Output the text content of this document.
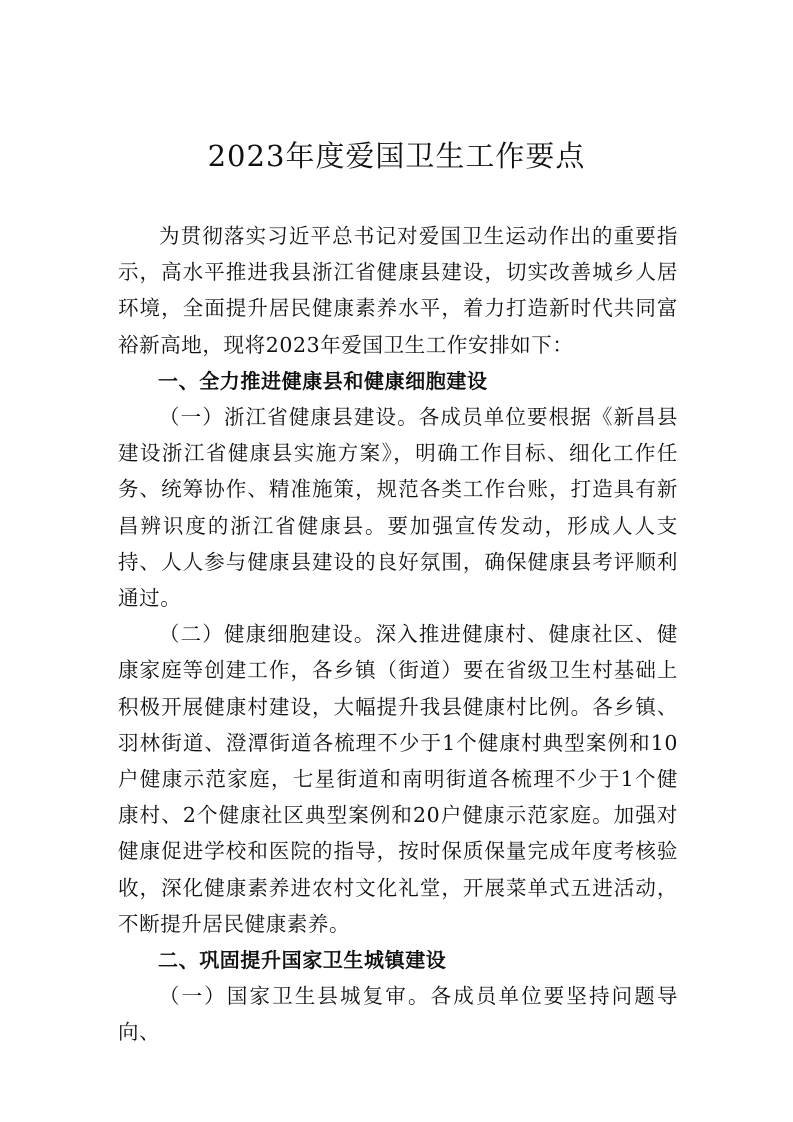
2023年度爱国卫生工作要点

为贯彻落实习近平总书记对爱国卫生运动作出的重要指示，高水平推进我县浙江省健康县建设，切实改善城乡人居环境，全面提升居民健康素养水平，着力打造新时代共同富裕新高地，现将2023年爱国卫生工作安排如下：

一、全力推进健康县和健康细胞建设

（一）浙江省健康县建设。各成员单位要根据《新昌县建设浙江省健康县实施方案》，明确工作目标、细化工作任务、统筹协作、精准施策，规范各类工作台账，打造具有新昌辨识度的浙江省健康县。要加强宣传发动，形成人人支持、人人参与健康县建设的良好氛围，确保健康县考评顺利通过。

（二）健康细胞建设。深入推进健康村、健康社区、健康家庭等创建工作，各乡镇（街道）要在省级卫生村基础上积极开展健康村建设，大幅提升我县健康村比例。各乡镇、羽林街道、澄潭街道各梳理不少于1个健康村典型案例和10户健康示范家庭，七星街道和南明街道各梳理不少于1个健康村、2个健康社区典型案例和20户健康示范家庭。加强对健康促进学校和医院的指导，按时保质保量完成年度考核验收，深化健康素养进农村文化礼堂，开展菜单式五进活动，不断提升居民健康素养。

二、巩固提升国家卫生城镇建设

（一）国家卫生县城复审。各成员单位要坚持问题导向、
